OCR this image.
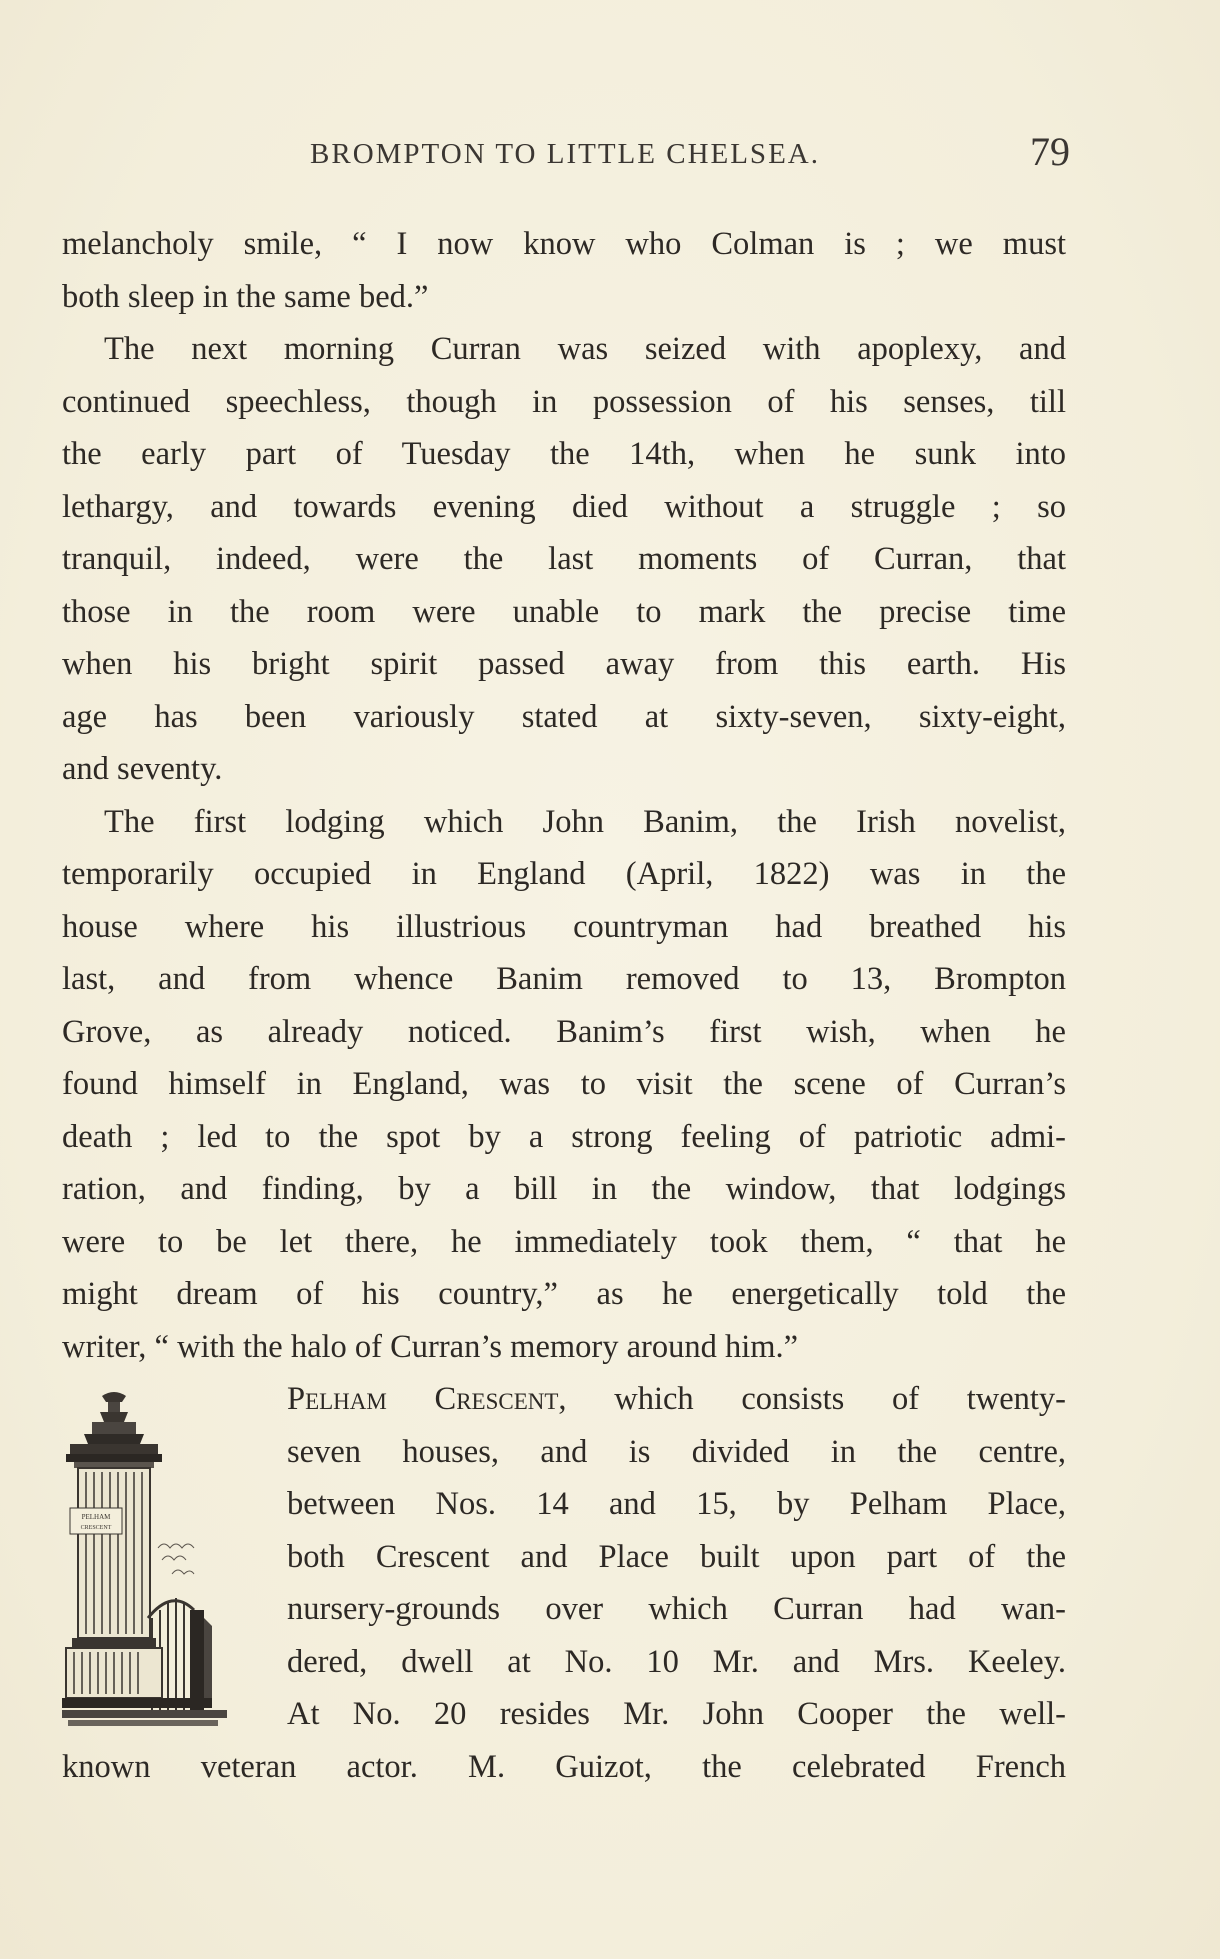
BROMPTON TO LITTLE CHELSEA.	79
melancholy smile, “ I now know who Colman is ; we must
both sleep in the same bed.”
The next morning Curran was seized with apoplexy, and
continued speechless, though in possession of his senses, till
the early part of Tuesday the 14th, when he sunk into
lethargy, and towards evening died without a struggle ; so
tranquil, indeed, were the last moments of Curran, that
those in the room were unable to mark the precise time
when his bright spirit passed away from this earth. His
age has been variously stated at sixty-seven, sixty-eight,
and seventy.
The first lodging which John Banim, the Irish novelist,
temporarily occupied in England (April, 1822) was in the
house where his illustrious countryman had breathed his
last, and from whence Banim removed to 13, Brompton
Grove, as already noticed. Banim’s first wish, when he
found himself in England, was to visit the scene of Curran’s
death ; led to the spot by a strong feeling of patriotic admi-
ration, and finding, by a bill in the window, that lodgings
were to be let there, he immediately took them, “ that he
might dream of his country,” as he energetically told the
writer, “ with the halo of Curran’s memory around him.”
Pelham Crescent, which consists of twenty-
seven houses, and is divided in the centre,
between Nos. 14 and 15, by Pelham Place,
both Crescent and Place built upon part of the
nursery-grounds over which Curran had wan-
dered, dwell at No. 10 Mr. and Mrs. Keeley.
At No. 20 resides Mr. John Cooper the well-
known veteran actor. M. Guizot, the celebrated French
PELHAM
CRESCENT
